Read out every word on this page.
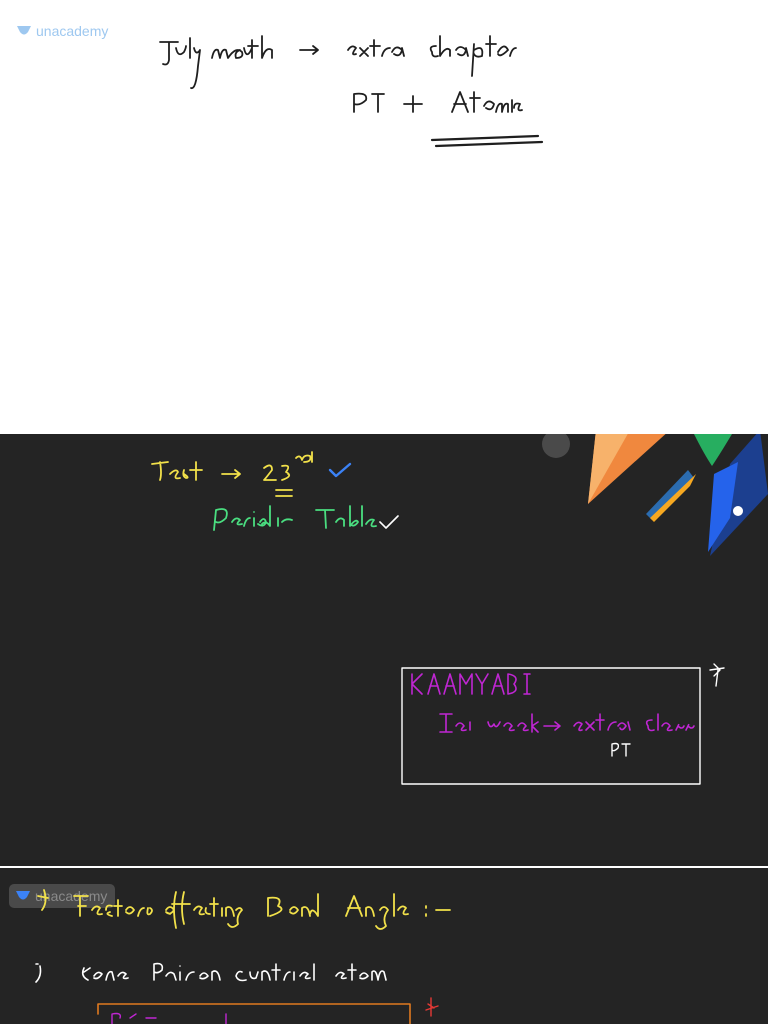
unacademy
unacademy
